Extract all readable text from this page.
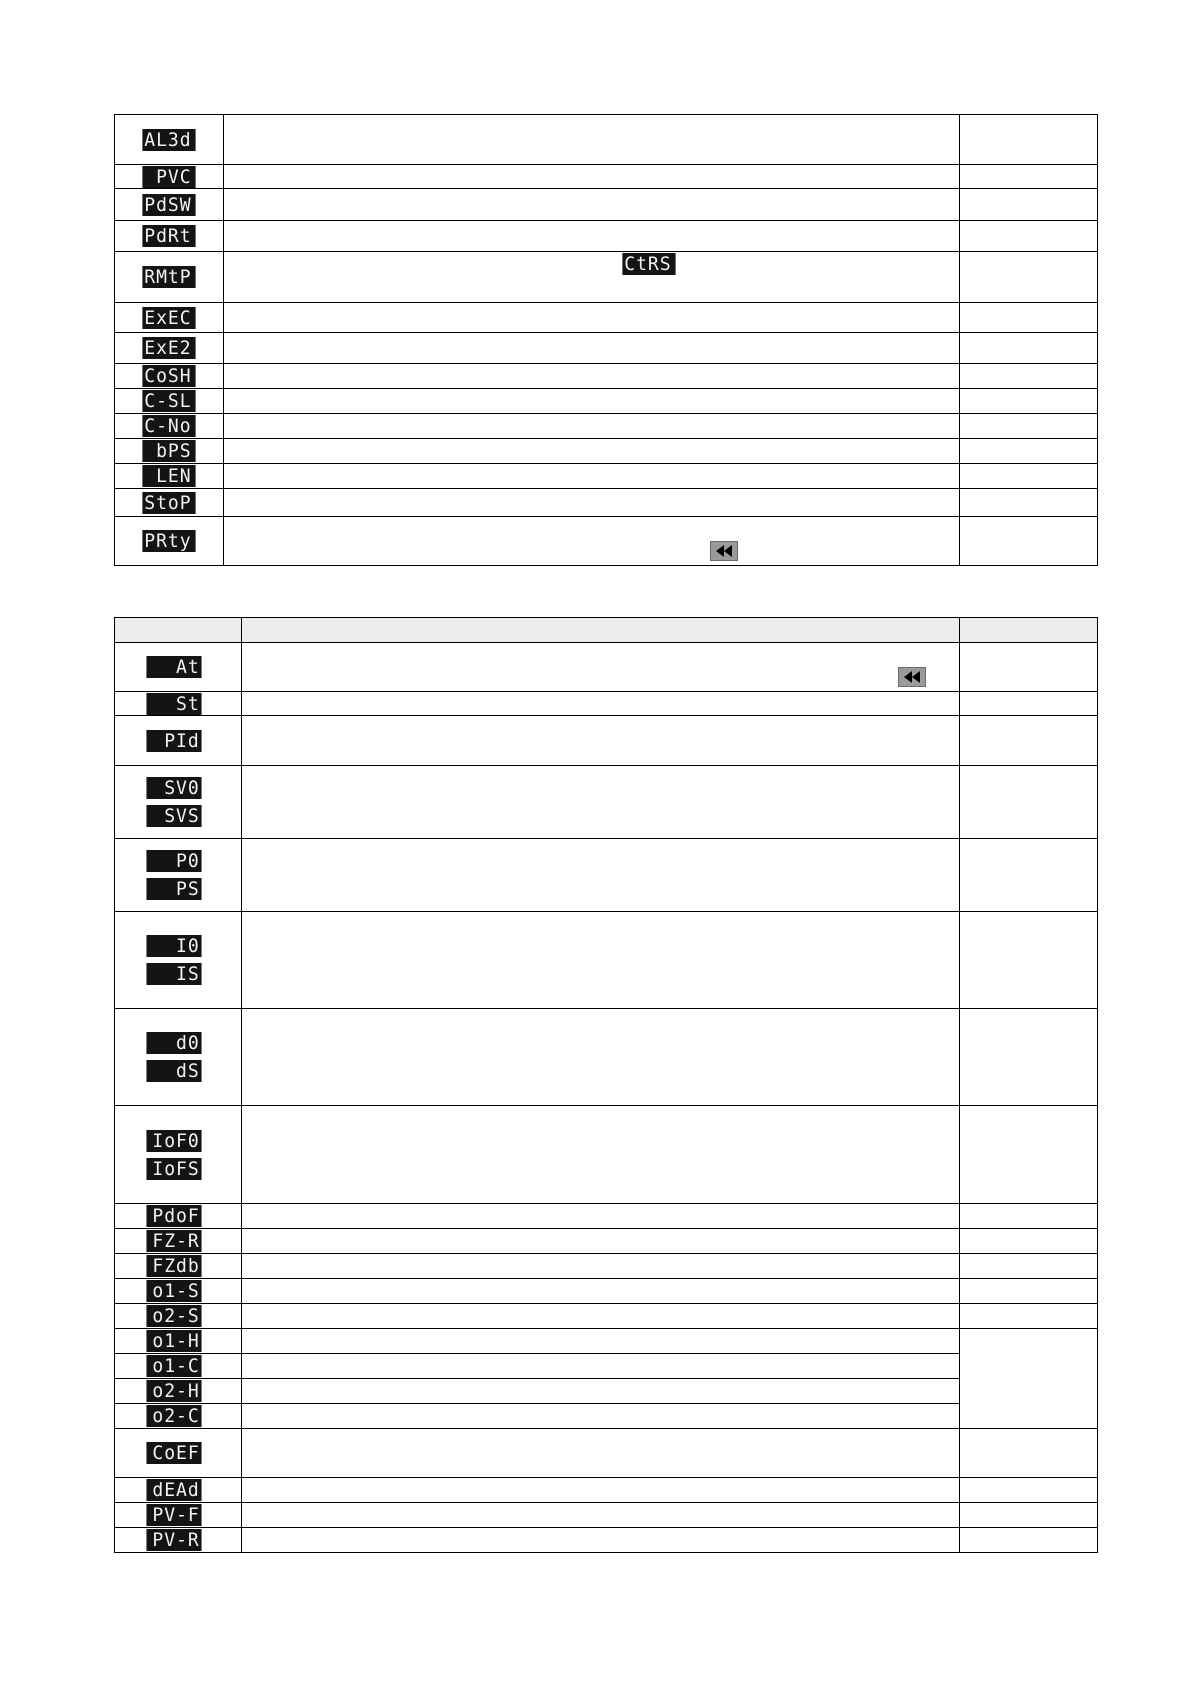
AL3d		
PVC		
PdSW		
PdRt		
RMtP	CtRS	

ExEC		
ExE2		
CoSH		
C-SL		
C-No		
bPS		
LEN		
StoP		
PRty	

At	

St		
PId		

SV0
SVS		

P0
PS		

I0
IS		

d0
dS		

IoF0
IoFS		

PdoF		
FZ-R		
FZdb		
o1-S		
o2-S		
o1-H		
o1-C		
o2-H		
o2-C		
CoEF		
dEAd		
PV-F		
PV-R		
